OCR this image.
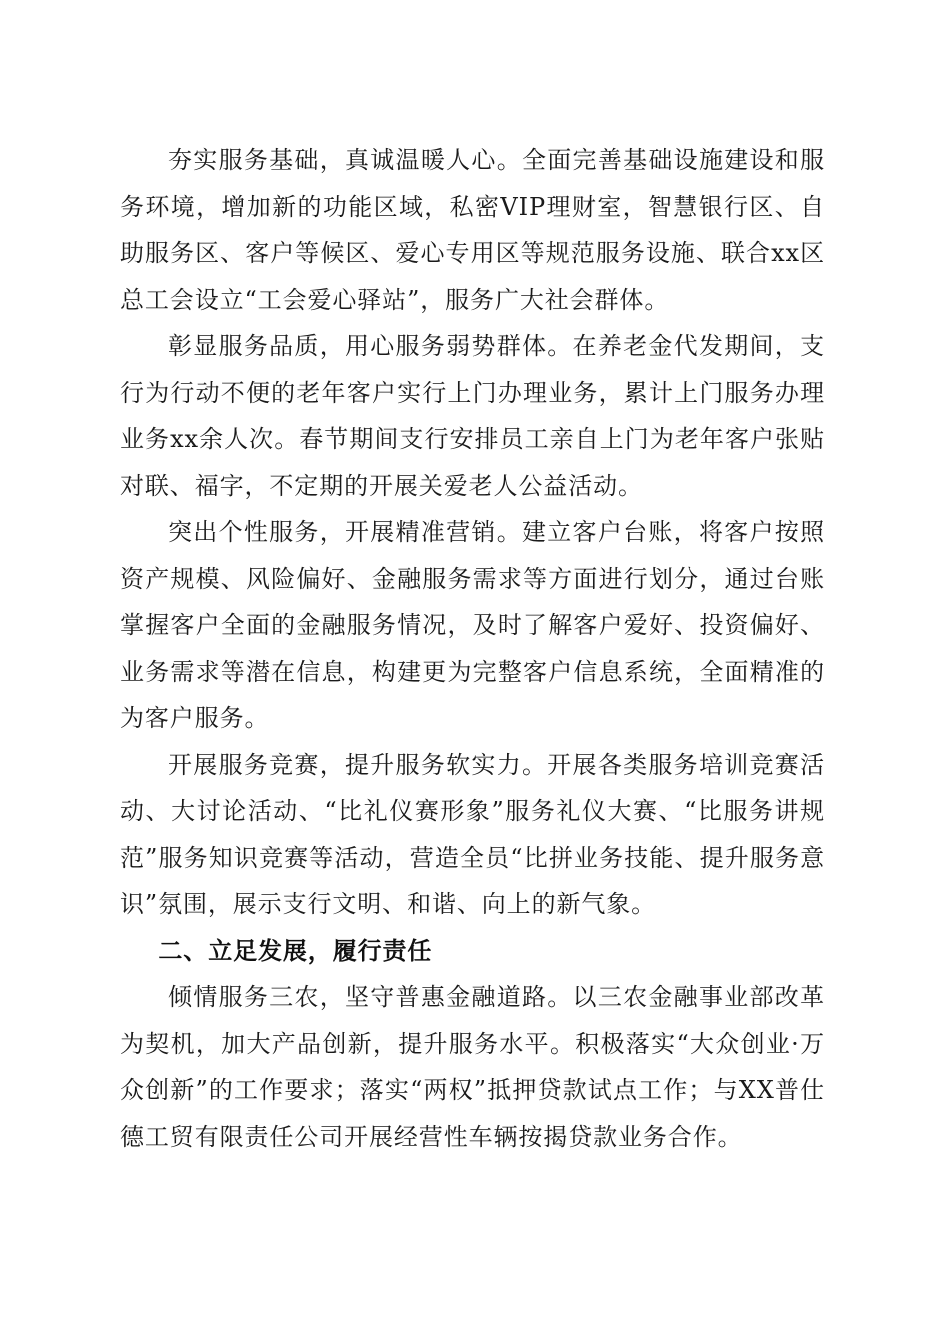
夯实服务基础，真诚温暖人心。全面完善基础设施建设和服务环境，增加新的功能区域，私密VIP理财室，智慧银行区、自助服务区、客户等候区、爱心专用区等规范服务设施、联合xx区总工会设立“工会爱心驿站”，服务广大社会群体。

彰显服务品质，用心服务弱势群体。在养老金代发期间，支行为行动不便的老年客户实行上门办理业务，累计上门服务办理业务xx余人次。春节期间支行安排员工亲自上门为老年客户张贴对联、福字，不定期的开展关爱老人公益活动。

突出个性服务，开展精准营销。建立客户台账，将客户按照资产规模、风险偏好、金融服务需求等方面进行划分，通过台账掌握客户全面的金融服务情况，及时了解客户爱好、投资偏好、业务需求等潜在信息，构建更为完整客户信息系统，全面精准的为客户服务。

开展服务竞赛，提升服务软实力。开展各类服务培训竞赛活动、大讨论活动、“比礼仪赛形象”服务礼仪大赛、“比服务讲规范”服务知识竞赛等活动，营造全员“比拼业务技能、提升服务意识”氛围，展示支行文明、和谐、向上的新气象。

二、立足发展，履行责任

倾情服务三农，坚守普惠金融道路。以三农金融事业部改革为契机，加大产品创新，提升服务水平。积极落实“大众创业·万众创新”的工作要求；落实“两权”抵押贷款试点工作；与XX普仕德工贸有限责任公司开展经营性车辆按揭贷款业务合作。
